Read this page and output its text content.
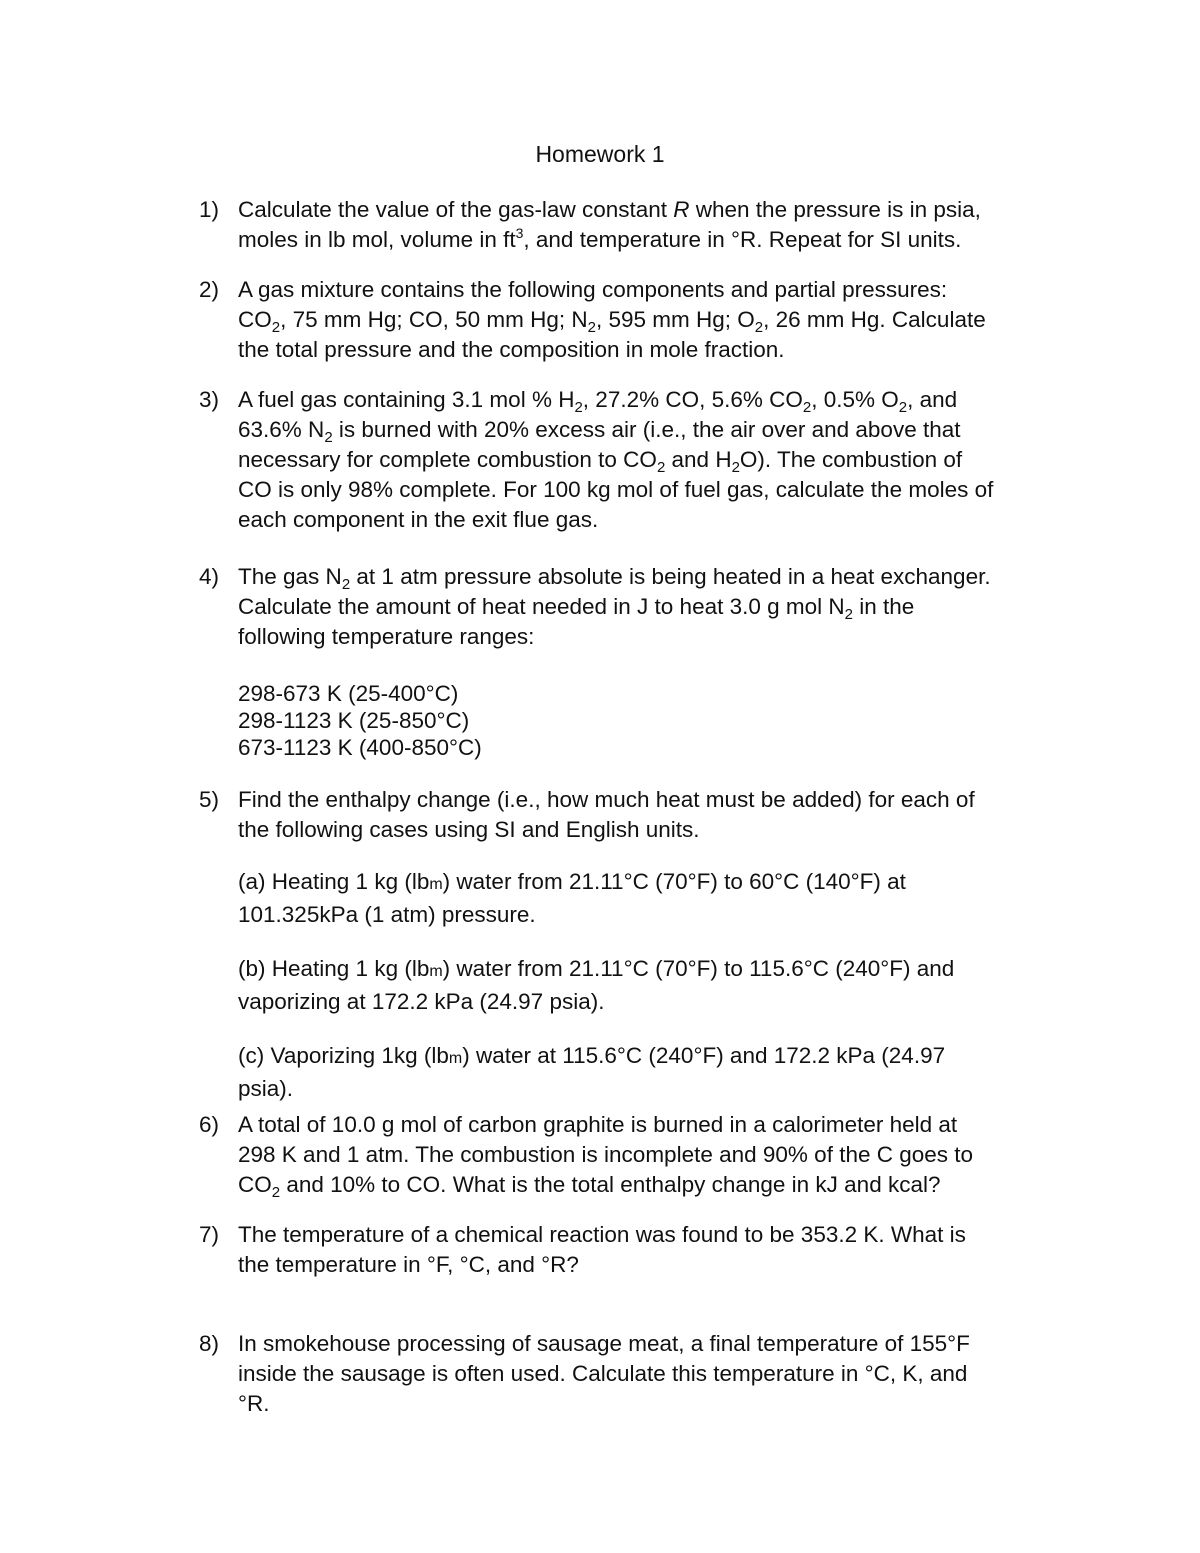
Homework 1
1) Calculate the value of the gas-law constant R when the pressure is in psia,
moles in lb mol, volume in $ft^3$, and temperature in °R. Repeat for SI units.
2) A gas mixture contains the following components and partial pressures:
$CO_2$, 75 mm Hg; CO, 50 mm Hg; $N_2$, 595 mm Hg; $O_2$, 26 mm Hg. Calculate
the total pressure and the composition in mole fraction.
3) A fuel gas containing 3.1 mol % $H_2$, 27.2% CO, 5.6% $CO_2$, 0.5% $O_2$, and
63.6% $N_2$ is burned with 20% excess air (i.e., the air over and above that
necessary for complete combustion to $CO_2$ and $H_2O$). The combustion of
CO is only 98% complete. For 100 kg mol of fuel gas, calculate the moles of
each component in the exit flue gas.
4) The gas $N_2$ at 1 atm pressure absolute is being heated in a heat exchanger.
Calculate the amount of heat needed in J to heat 3.0 g mol $N_2$ in the
following temperature ranges:
298-673 K (25-400°C)
298-1123 K (25-850°C)
673-1123 K (400-850°C)
5) Find the enthalpy change (i.e., how much heat must be added) for each of
the following cases using SI and English units.
(a) Heating 1 kg (lbm) water from 21.11°C (70°F) to 60°C (140°F) at
101.325kPa (1 atm) pressure.
(b) Heating 1 kg (lbm) water from 21.11°C (70°F) to 115.6°C (240°F) and
vaporizing at 172.2 kPa (24.97 psia).
(c) Vaporizing 1kg (lbm) water at 115.6°C (240°F) and 172.2 kPa (24.97
psia).
6) A total of 10.0 g mol of carbon graphite is burned in a calorimeter held at
298 K and 1 atm. The combustion is incomplete and 90% of the C goes to
$CO_2$ and 10% to CO. What is the total enthalpy change in kJ and kcal?
7) The temperature of a chemical reaction was found to be 353.2 K. What is
the temperature in °F, °C, and °R?
8) In smokehouse processing of sausage meat, a final temperature of 155°F
inside the sausage is often used. Calculate this temperature in °C, K, and
°R.
